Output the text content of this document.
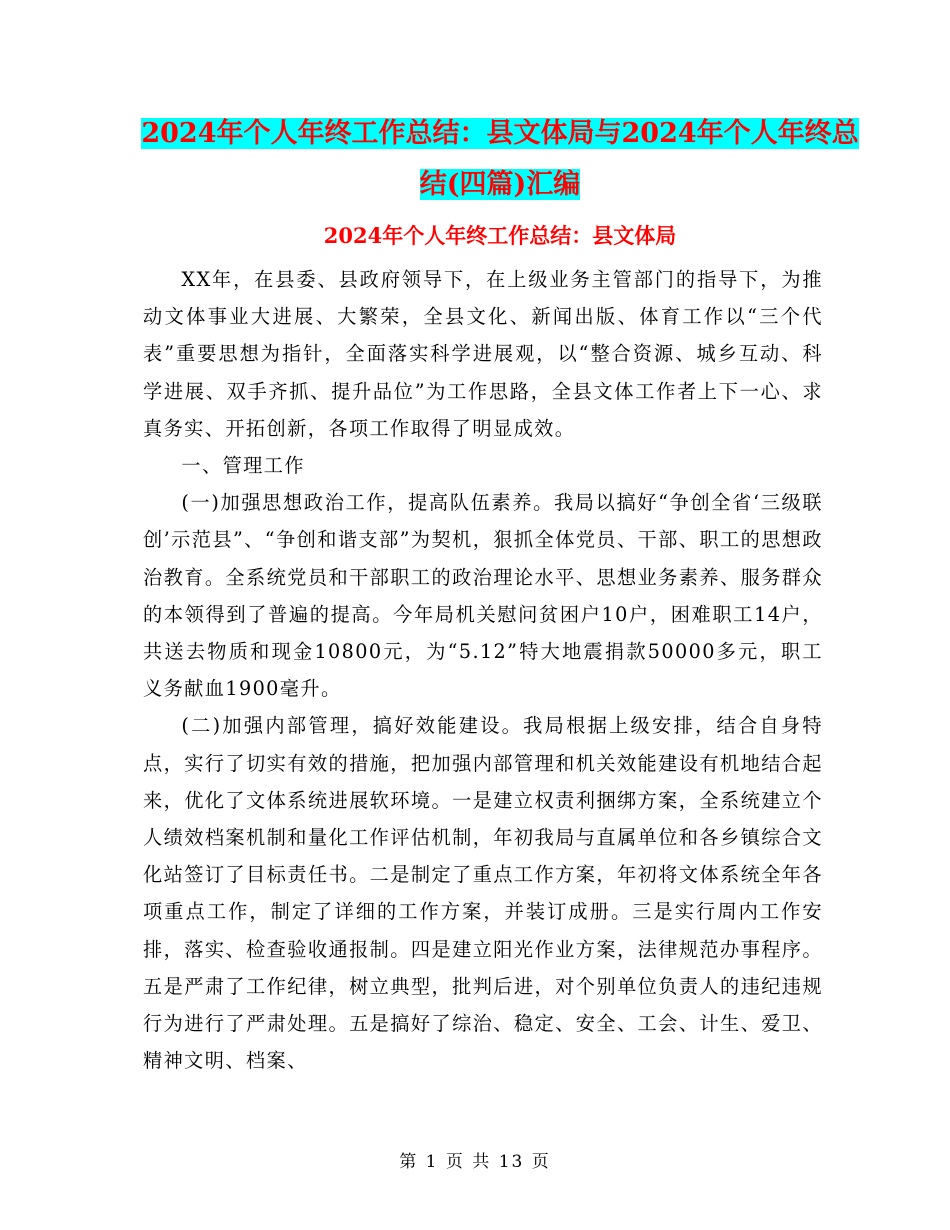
2024年个人年终工作总结：县文体局与2024年个人年终总结(四篇)汇编
2024年个人年终工作总结：县文体局

XX年，在县委、县政府领导下，在上级业务主管部门的指导下，为推动文体事业大进展、大繁荣，全县文化、新闻出版、体育工作以“三个代表”重要思想为指针，全面落实科学进展观，以“整合资源、城乡互动、科学进展、双手齐抓、提升品位”为工作思路，全县文体工作者上下一心、求真务实、开拓创新，各项工作取得了明显成效。

一、管理工作

(一)加强思想政治工作，提高队伍素养。我局以搞好“争创全省‘三级联创’示范县”、“争创和谐支部”为契机，狠抓全体党员、干部、职工的思想政治教育。全系统党员和干部职工的政治理论水平、思想业务素养、服务群众的本领得到了普遍的提高。今年局机关慰问贫困户10户，困难职工14户，共送去物质和现金10800元，为“5.12”特大地震捐款50000多元，职工义务献血1900毫升。

(二)加强内部管理，搞好效能建设。我局根据上级安排，结合自身特点，实行了切实有效的措施，把加强内部管理和机关效能建设有机地结合起来，优化了文体系统进展软环境。一是建立权责利捆绑方案，全系统建立个人绩效档案机制和量化工作评估机制，年初我局与直属单位和各乡镇综合文化站签订了目标责任书。二是制定了重点工作方案，年初将文体系统全年各项重点工作，制定了详细的工作方案，并装订成册。三是实行周内工作安排，落实、检查验收通报制。四是建立阳光作业方案，法律规范办事程序。五是严肃了工作纪律，树立典型，批判后进，对个别单位负责人的违纪违规行为进行了严肃处理。五是搞好了综治、稳定、安全、工会、计生、爱卫、精神文明、档案、

第 1 页 共 13 页
